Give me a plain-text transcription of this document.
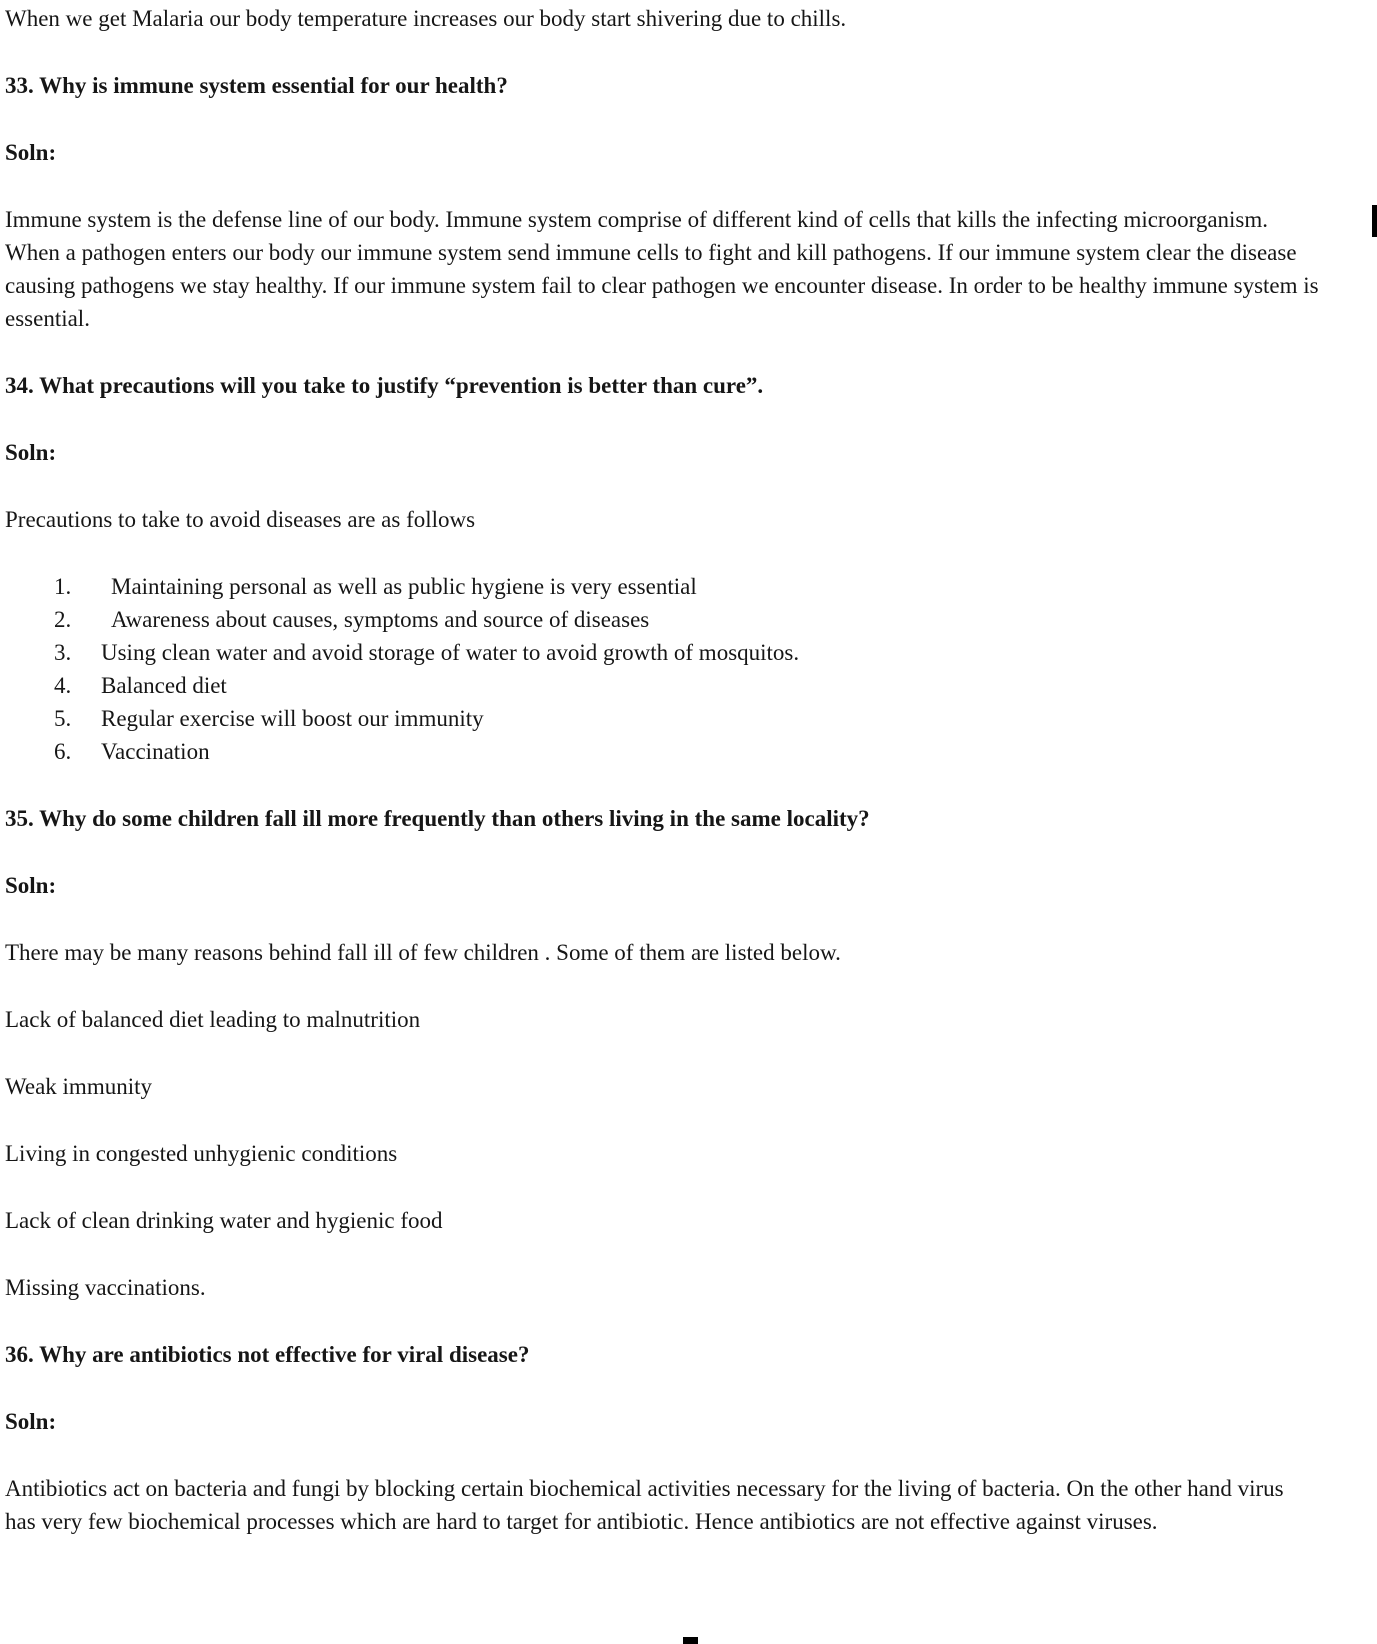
When we get Malaria our body temperature increases our body start shivering due to chills.

33. Why is immune system essential for our health?

Soln:

Immune system is the defense line of our body. Immune system comprise of different kind of cells that kills the infecting microorganism. When a pathogen enters our body our immune system send immune cells to fight and kill pathogens. If our immune system clear the disease causing pathogens we stay healthy. If our immune system fail to clear pathogen we encounter disease. In order to be healthy immune system is essential.

34. What precautions will you take to justify “prevention is better than cure”.

Soln:

Precautions to take to avoid diseases are as follows

1.	Maintaining personal as well as public hygiene is very essential
2.	Awareness about causes, symptoms and source of diseases
3.	Using clean water and avoid storage of water to avoid growth of mosquitos.
4.	Balanced diet
5.	Regular exercise will boost our immunity
6.	Vaccination

35. Why do some children fall ill more frequently than others living in the same locality?

Soln:

There may be many reasons behind fall ill of few children . Some of them are listed below.

Lack of balanced diet leading to malnutrition

Weak immunity

Living in congested unhygienic conditions

Lack of clean drinking water and hygienic food

Missing vaccinations.

36. Why are antibiotics not effective for viral disease?

Soln:

Antibiotics act on bacteria and fungi by blocking certain biochemical activities necessary for the living of bacteria. On the other hand virus has very few biochemical processes which are hard to target for antibiotic. Hence antibiotics are not effective against viruses.
